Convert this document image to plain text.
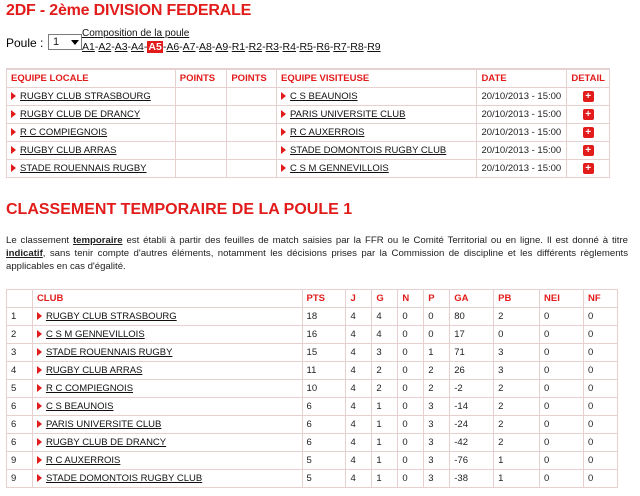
2DF - 2ème DIVISION FEDERALE
Poule : 1
Composition de la poule
A1 - A2 - A3 - A4 - A5 - A6 - A7 - A8 - A9 - R1 - R2 - R3 - R4 - R5 - R6 - R7 - R8 - R9
EQUIPE LOCALE	POINTS	POINTS	EQUIPE VISITEUSE	DATE	DETAIL
RUGBY CLUB STRASBOURG			C S BEAUNOIS	20/10/2013 - 15:00	+
RUGBY CLUB DE DRANCY			PARIS UNIVERSITE CLUB	20/10/2013 - 15:00	+
R C COMPIEGNOIS			R C AUXERROIS	20/10/2013 - 15:00	+
RUGBY CLUB ARRAS			STADE DOMONTOIS RUGBY CLUB	20/10/2013 - 15:00	+
STADE ROUENNAIS RUGBY			C S M GENNEVILLOIS	20/10/2013 - 15:00	+
CLASSEMENT TEMPORAIRE DE LA POULE 1
Le classement temporaire est établi à partir des feuilles de match saisies par la FFR ou le Comité Territorial ou en ligne. Il est donné à titre indicatif, sans tenir compte d'autres éléments, notamment les décisions prises par la Commission de discipline et les différents règlements applicables en cas d'égalité.
	CLUB	PTS	J	G	N	P	GA	PB	NEI	NF
1	RUGBY CLUB STRASBOURG	18	4	4	0	0	80	2	0	0
2	C S M GENNEVILLOIS	16	4	4	0	0	17	0	0	0
3	STADE ROUENNAIS RUGBY	15	4	3	0	1	71	3	0	0
4	RUGBY CLUB ARRAS	11	4	2	0	2	26	3	0	0
5	R C COMPIEGNOIS	10	4	2	0	2	-2	2	0	0
6	C S BEAUNOIS	6	4	1	0	3	-14	2	0	0
6	PARIS UNIVERSITE CLUB	6	4	1	0	3	-24	2	0	0
6	RUGBY CLUB DE DRANCY	6	4	1	0	3	-42	2	0	0
9	R C AUXERROIS	5	4	1	0	3	-76	1	0	0
9	STADE DOMONTOIS RUGBY CLUB	5	4	1	0	3	-38	1	0	0
